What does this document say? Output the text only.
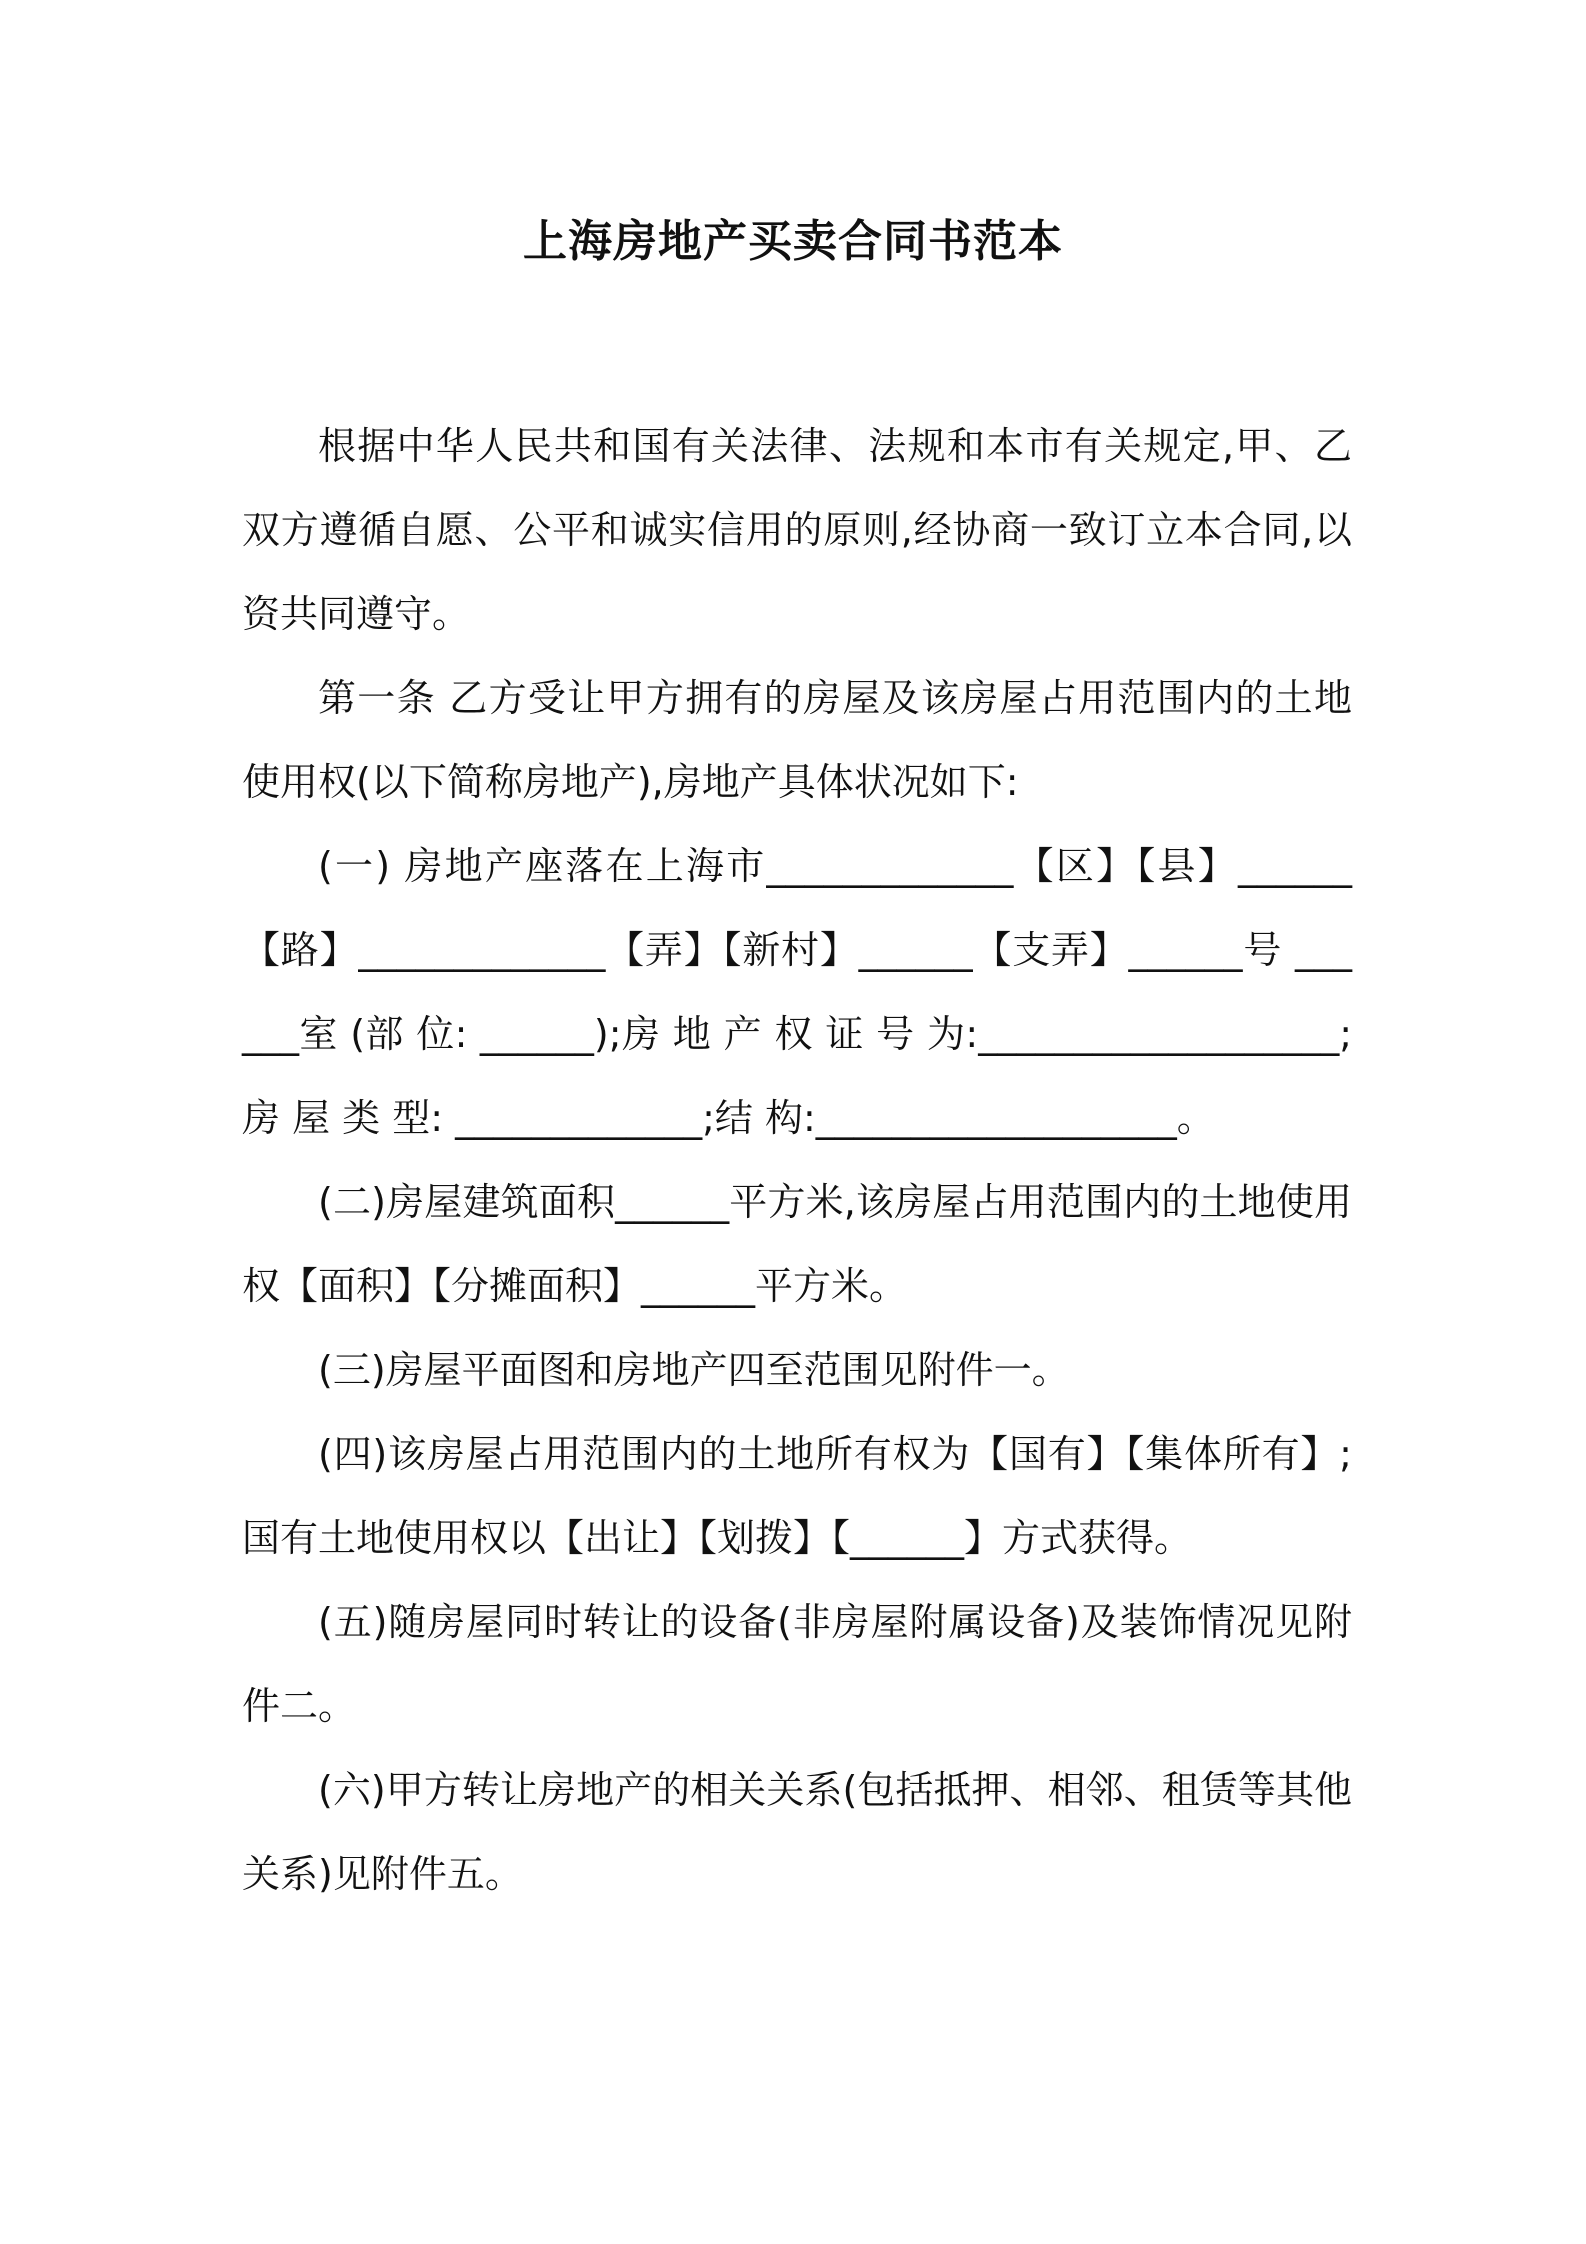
上海房地产买卖合同书范本

根据中华人民共和国有关法律、法规和本市有关规定,甲、乙双方遵循自愿、公平和诚实信用的原则,经协商一致订立本合同,以资共同遵守。

第一条 乙方受让甲方拥有的房屋及该房屋占用范围内的土地使用权(以下简称房地产),房地产具体状况如下:

(一) 房地产座落在上海市_____________【区】【县】______【路】_____________【弄】【新村】______【支弄】______号 ______室 (部 位: ______);房 地 产 权 证 号 为:___________________;房 屋 类 型: _____________;结 构:___________________。

(二)房屋建筑面积______平方米,该房屋占用范围内的土地使用权【面积】【分摊面积】______平方米。

(三)房屋平面图和房地产四至范围见附件一。

(四)该房屋占用范围内的土地所有权为【国有】【集体所有】;国有土地使用权以【出让】【划拨】【______】方式获得。

(五)随房屋同时转让的设备(非房屋附属设备)及装饰情况见附件二。

(六)甲方转让房地产的相关关系(包括抵押、相邻、租赁等其他关系)见附件五。
